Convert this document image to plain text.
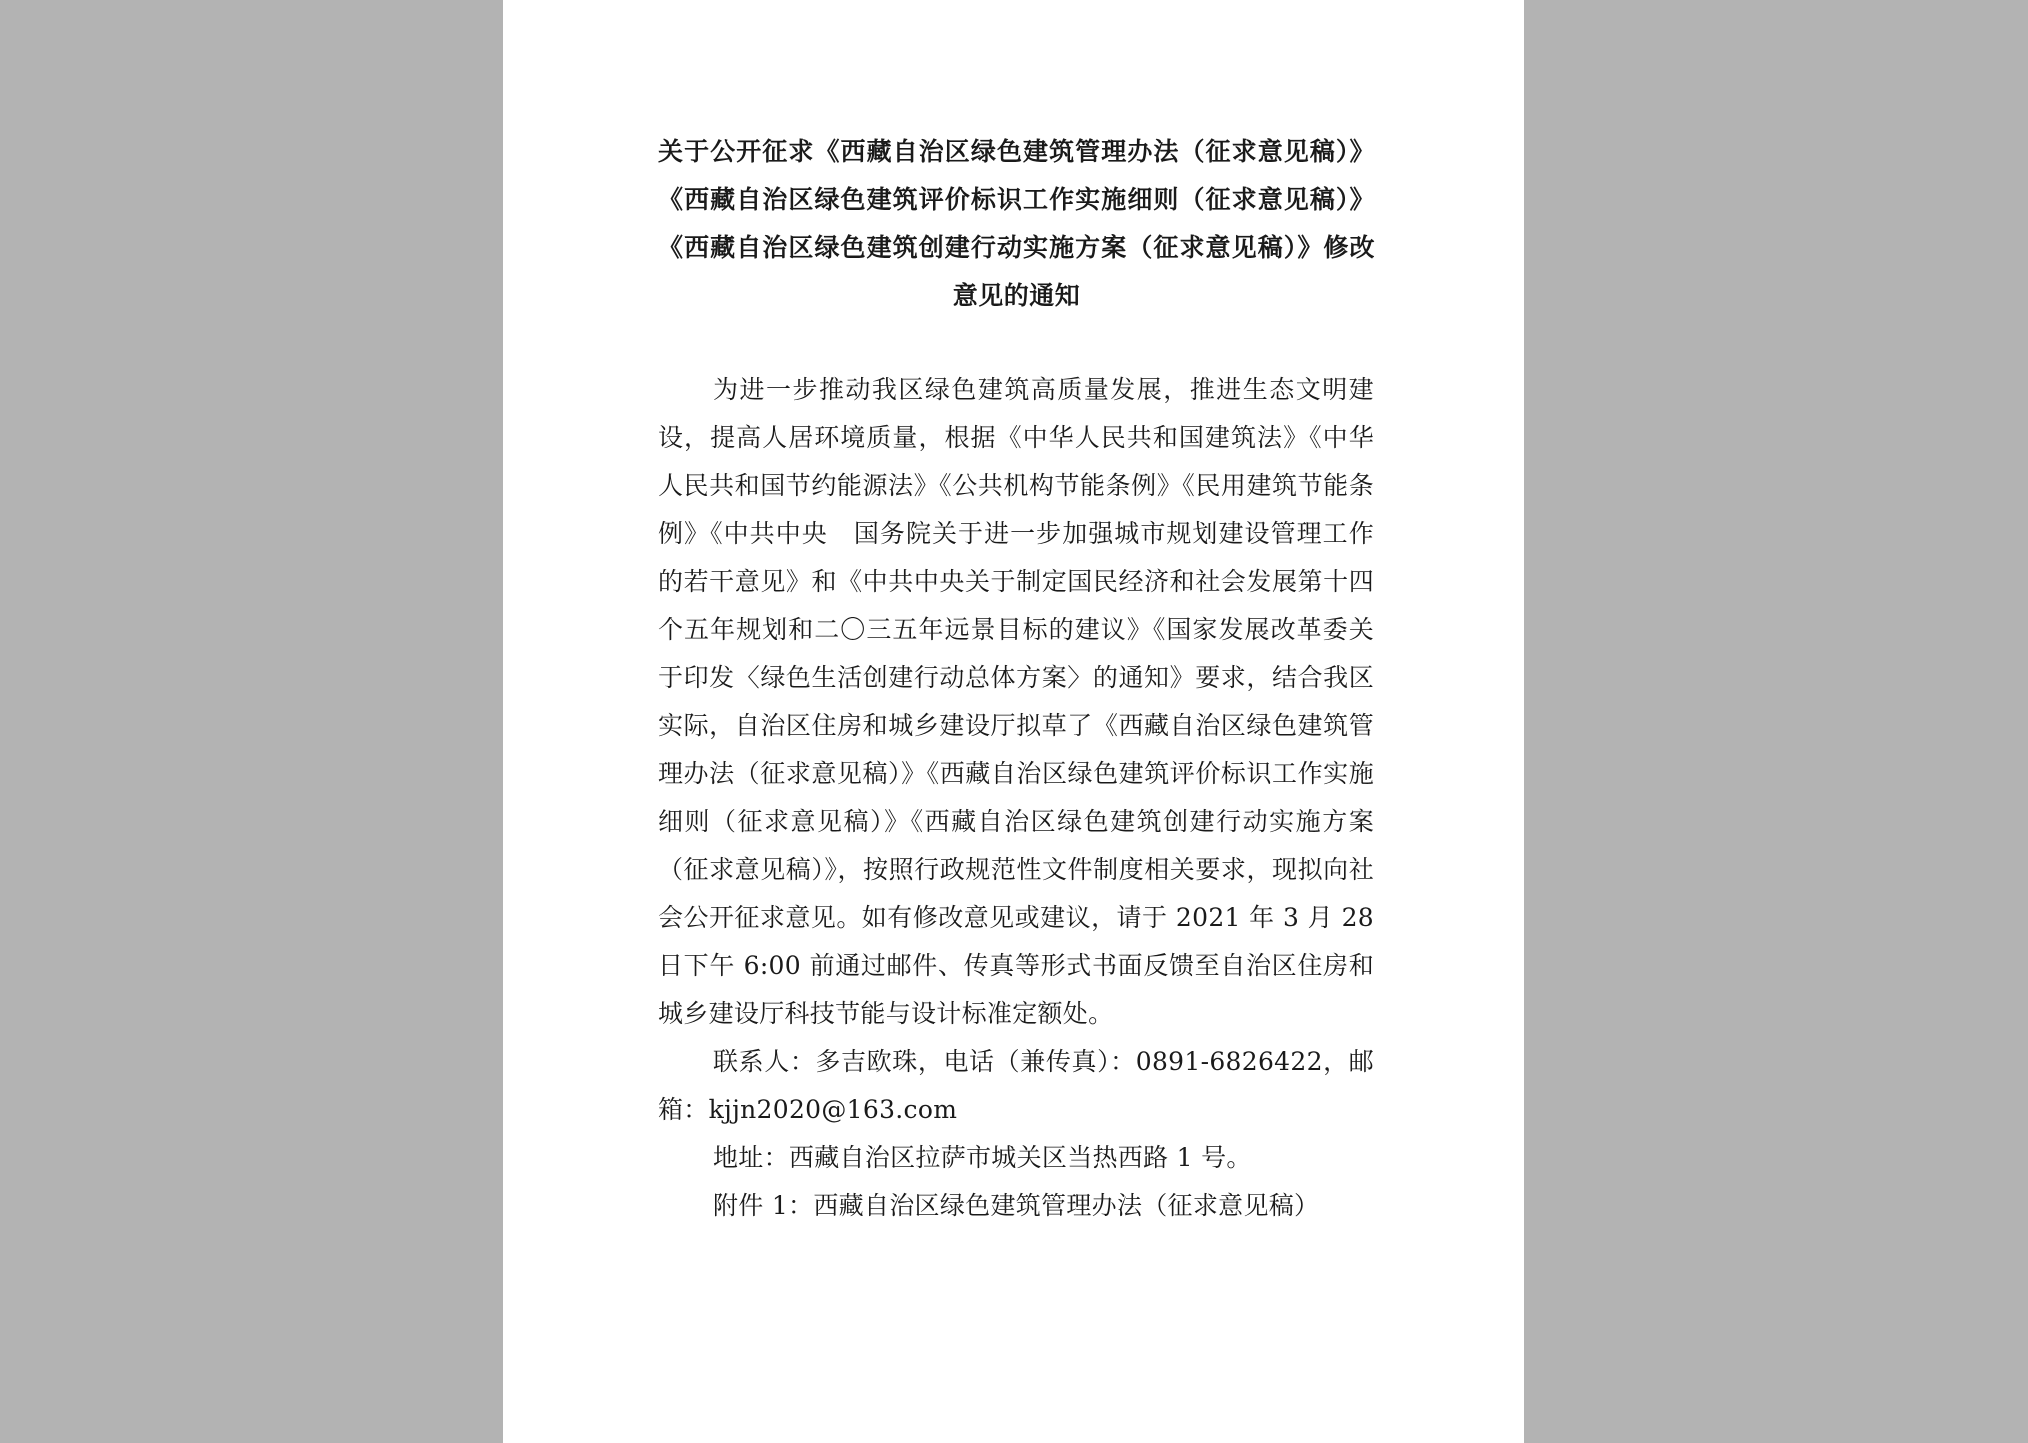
关于公开征求《西藏自治区绿色建筑管理办法（征求意见稿）》《西藏自治区绿色建筑评价标识工作实施细则（征求意见稿）》《西藏自治区绿色建筑创建行动实施方案（征求意见稿）》修改意见的通知

为进一步推动我区绿色建筑高质量发展，推进生态文明建设，提高人居环境质量，根据《中华人民共和国建筑法》《中华人民共和国节约能源法》《公共机构节能条例》《民用建筑节能条例》《中共中央　国务院关于进一步加强城市规划建设管理工作的若干意见》和《中共中央关于制定国民经济和社会发展第十四个五年规划和二〇三五年远景目标的建议》《国家发展改革委关于印发〈绿色生活创建行动总体方案〉的通知》要求，结合我区实际，自治区住房和城乡建设厅拟草了《西藏自治区绿色建筑管理办法（征求意见稿）》《西藏自治区绿色建筑评价标识工作实施细则（征求意见稿）》《西藏自治区绿色建筑创建行动实施方案（征求意见稿）》，按照行政规范性文件制度相关要求，现拟向社会公开征求意见。如有修改意见或建议，请于 2021 年 3 月 28 日下午 6:00 前通过邮件、传真等形式书面反馈至自治区住房和城乡建设厅科技节能与设计标准定额处。

联系人：多吉欧珠，电话（兼传真）：0891-6826422，邮箱：kjjn2020@163.com

地址：西藏自治区拉萨市城关区当热西路 1 号。

附件 1：西藏自治区绿色建筑管理办法（征求意见稿）
